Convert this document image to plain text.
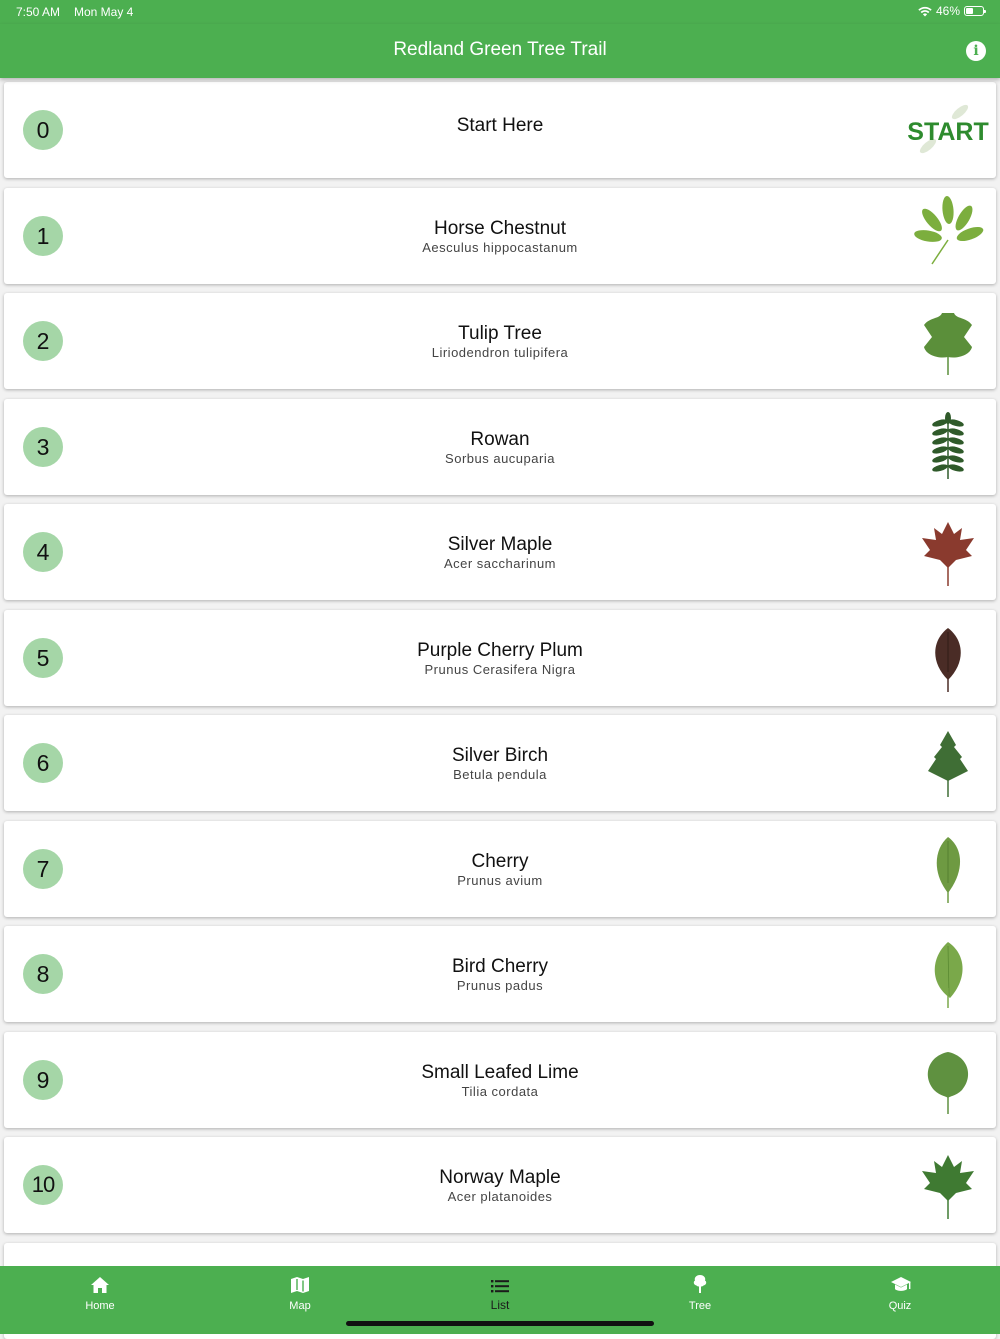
7:50 AM Mon May 4	46%
Redland Green Tree Trail	i
0	Start Here	START
1	Horse Chestnut
Aesculus hippocastanum
2	Tulip Tree
Liriodendron tulipifera
3	Rowan
Sorbus aucuparia
4	Silver Maple
Acer saccharinum
5	Purple Cherry Plum
Prunus Cerasifera Nigra
6	Silver Birch
Betula pendula
7	Cherry
Prunus avium
8	Bird Cherry
Prunus padus
9	Small Leafed Lime
Tilia cordata
10	Norway Maple
Acer platanoides
Home	Map	List	Tree	Quiz
